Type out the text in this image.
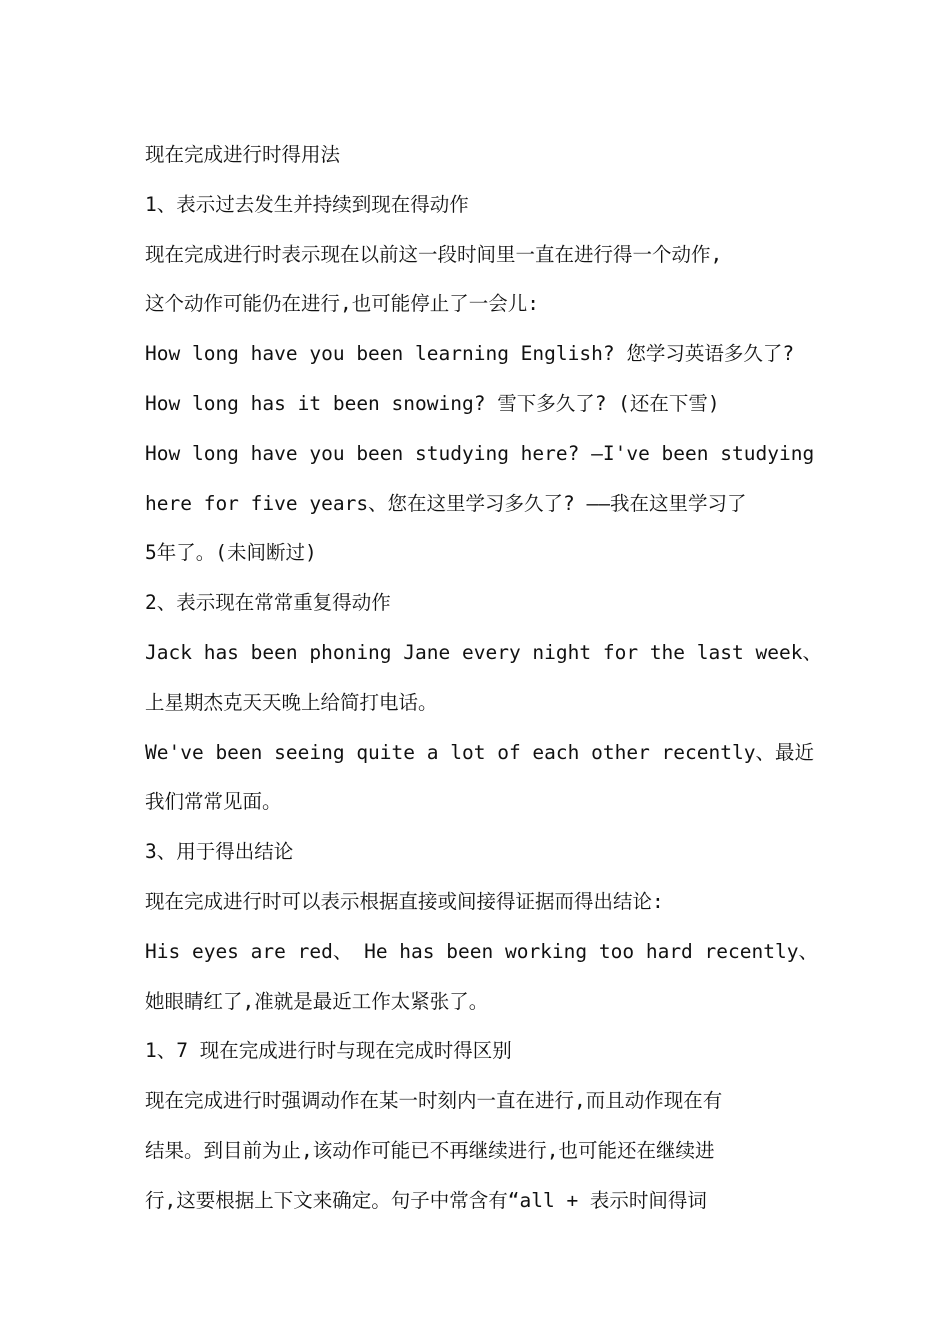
现在完成进行时得用法
1、表示过去发生并持续到现在得动作
现在完成进行时表示现在以前这一段时间里一直在进行得一个动作,
这个动作可能仍在进行,也可能停止了一会儿:
How long have you been learning English? 您学习英语多久了?
How long has it been snowing? 雪下多久了? (还在下雪)
How long have you been studying here? —I've been studying
here for five years、您在这里学习多久了? ——我在这里学习了
5年了。(未间断过)
2、表示现在常常重复得动作
Jack has been phoning Jane every night for the last week、
上星期杰克天天晚上给简打电话。
We've been seeing quite a lot of each other recently、最近
我们常常见面。
3、用于得出结论
现在完成进行时可以表示根据直接或间接得证据而得出结论:
His eyes are red、 He has been working too hard recently、
她眼睛红了,准就是最近工作太紧张了。
1、7 现在完成进行时与现在完成时得区别
现在完成进行时强调动作在某一时刻内一直在进行,而且动作现在有
结果。到目前为止,该动作可能已不再继续进行,也可能还在继续进
行,这要根据上下文来确定。句子中常含有“all + 表示时间得词
